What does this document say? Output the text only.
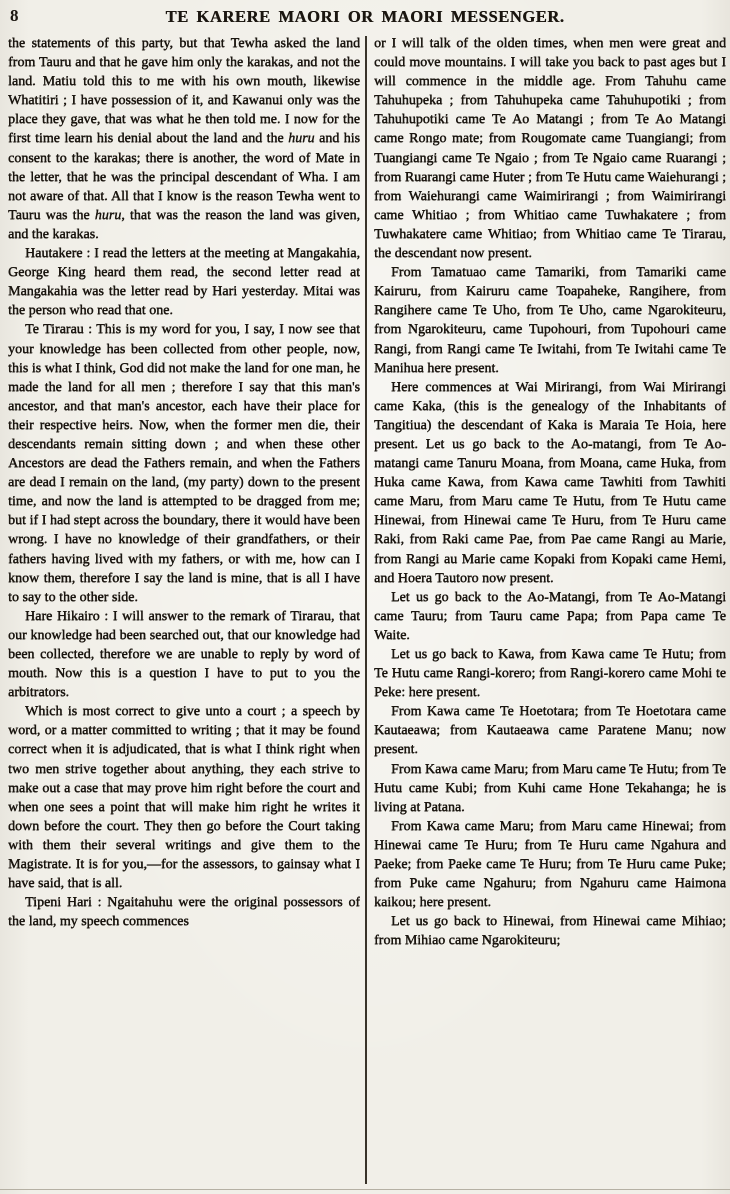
8	TE KARERE MAORI OR MAORI MESSENGER.

the statements of this party, but that Tewha asked the land from Tauru and that he gave him only the karakas, and not the land. Matiu told this to me with his own mouth, likewise Whatitiri ; I have possession of it, and Kawanui only was the place they gave, that was what he then told me. I now for the first time learn his denial about the land and the huru and his consent to the karakas; there is another, the word of Mate in the letter, that he was the principal descendant of Wha. I am not aware of that. All that I know is the reason Tewha went to Tauru was the huru, that was the reason the land was given, and the karakas.

Hautakere : I read the letters at the meeting at Mangakahia, George King heard them read, the second letter read at Mangakahia was the letter read by Hari yesterday. Mitai was the person who read that one.

Te Tirarau : This is my word for you, I say, I now see that your knowledge has been collected from other people, now, this is what I think, God did not make the land for one man, he made the land for all men ; therefore I say that this man's ancestor, and that man's ancestor, each have their place for their respective heirs. Now, when the former men die, their descendants remain sitting down ; and when these other Ancestors are dead the Fathers remain, and when the Fathers are dead I remain on the land, (my party) down to the present time, and now the land is attempted to be dragged from me; but if I had stept across the boundary, there it would have been wrong. I have no knowledge of their grandfathers, or their fathers having lived with my fathers, or with me, how can I know them, therefore I say the land is mine, that is all I have to say to the other side.

Hare Hikairo : I will answer to the remark of Tirarau, that our knowledge had been searched out, that our knowledge had been collected, therefore we are unable to reply by word of mouth. Now this is a question I have to put to you the arbitrators.

Which is most correct to give unto a court ; a speech by word, or a matter committed to writing ; that it may be found correct when it is adjudicated, that is what I think right when two men strive together about anything, they each strive to make out a case that may prove him right before the court and when one sees a point that will make him right he writes it down before the court. They then go before the Court taking with them their several writings and give them to the Magistrate. It is for you,—for the assessors, to gainsay what I have said, that is all.

Tipeni Hari : Ngaitahuhu were the original possessors of the land, my speech commences

or I will talk of the olden times, when men were great and could move mountains. I will take you back to past ages but I will commence in the middle age. From Tahuhu came Tahuhupeka ; from Tahuhupeka came Tahuhupotiki ; from Tahuhupotiki came Te Ao Matangi ; from Te Ao Matangi came Rongo mate; from Rougomate came Tuangiangi; from Tuangiangi came Te Ngaio ; from Te Ngaio came Ruarangi ; from Ruarangi came Huter ; from Te Hutu came Waiehurangi ; from Waiehurangi came Waimirirangi ; from Waimirirangi came Whitiao ; from Whitiao came Tuwhakatere ; from Tuwhakatere came Whitiao; from Whitiao came Te Tirarau, the descendant now present.

From Tamatuao came Tamariki, from Tamariki came Kairuru, from Kairuru came Toapaheke, Rangihere, from Rangihere came Te Uho, from Te Uho, came Ngarokiteuru, from Ngarokiteuru, came Tupohouri, from Tupohouri came Rangi, from Rangi came Te Iwitahi, from Te Iwitahi came Te Manihua here present.

Here commences at Wai Mirirangi, from Wai Mirirangi came Kaka, (this is the genealogy of the Inhabitants of Tangitiua) the descendant of Kaka is Maraia Te Hoia, here present. Let us go back to the Ao-matangi, from Te Ao-matangi came Tanuru Moana, from Moana, came Huka, from Huka came Kawa, from Kawa came Tawhiti from Tawhiti came Maru, from Maru came Te Hutu, from Te Hutu came Hinewai, from Hinewai came Te Huru, from Te Huru came Raki, from Raki came Pae, from Pae came Rangi au Marie, from Rangi au Marie came Kopaki from Kopaki came Hemi, and Hoera Tautoro now present.

Let us go back to the Ao-Matangi, from Te Ao-Matangi came Tauru; from Tauru came Papa; from Papa came Te Waite.

Let us go back to Kawa, from Kawa came Te Hutu; from Te Hutu came Rangi-korero; from Rangi-korero came Mohi te Peke: here present.

From Kawa came Te Hoetotara; from Te Hoetotara came Kautaeawa; from Kautaeawa came Paratene Manu; now present.

From Kawa came Maru; from Maru came Te Hutu; from Te Hutu came Kubi; from Kuhi came Hone Tekahanga; he is living at Patana.

From Kawa came Maru; from Maru came Hinewai; from Hinewai came Te Huru; from Te Huru came Ngahura and Paeke; from Paeke came Te Huru; from Te Huru came Puke; from Puke came Ngahuru; from Ngahuru came Haimona kaikou; here present.

Let us go back to Hinewai, from Hinewai came Mihiao; from Mihiao came Ngarokiteuru;
